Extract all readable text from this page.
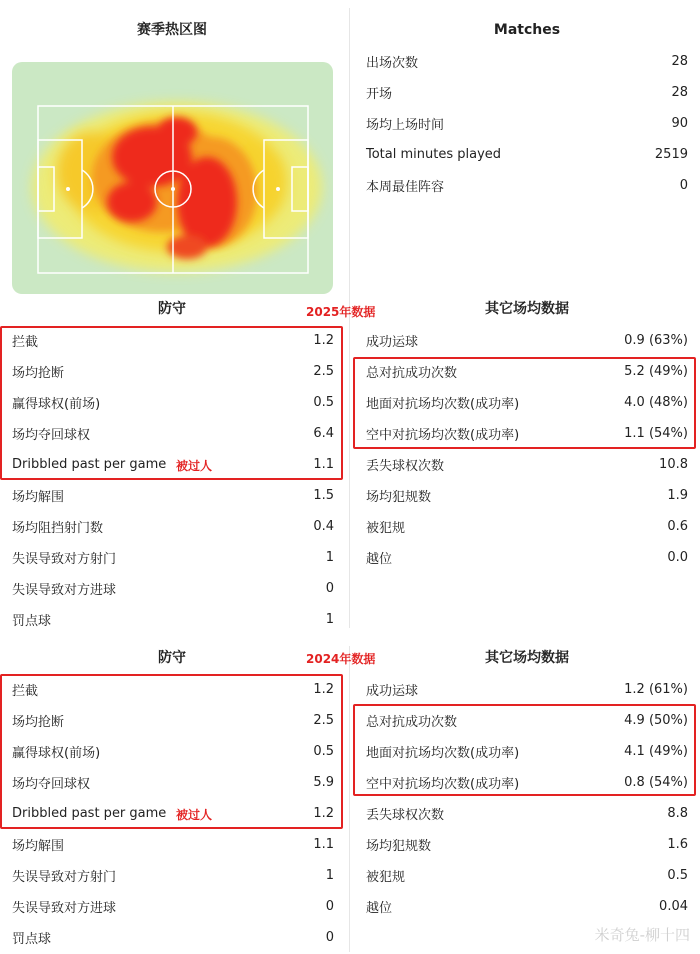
赛季热区图	Matches
出场次数	28
开场	28
场均上场时间	90
Total minutes played	2519
本周最佳阵容	0
防守	2025年数据	其它场均数据
拦截	1.2
场均抢断	2.5
赢得球权(前场)	0.5
场均夺回球权	6.4
Dribbled past per game	1.1
场均解围	1.5
场均阻挡射门数	0.4
失误导致对方射门	1
失误导致对方进球	0
罚点球	1
成功运球	0.9 (63%)
总对抗成功次数	5.2 (49%)
地面对抗场均次数(成功率)	4.0 (48%)
空中对抗场均次数(成功率)	1.1 (54%)
丢失球权次数	10.8
场均犯规数	1.9
被犯规	0.6
越位	0.0
被过人
防守	2024年数据	其它场均数据
拦截	1.2
场均抢断	2.5
赢得球权(前场)	0.5
场均夺回球权	5.9
Dribbled past per game	1.2
场均解围	1.1
失误导致对方射门	1
失误导致对方进球	0
罚点球	0
成功运球	1.2 (61%)
总对抗成功次数	4.9 (50%)
地面对抗场均次数(成功率)	4.1 (49%)
空中对抗场均次数(成功率)	0.8 (54%)
丢失球权次数	8.8
场均犯规数	1.6
被犯规	0.5
越位	0.04
被过人
米奇兔-柳十四
